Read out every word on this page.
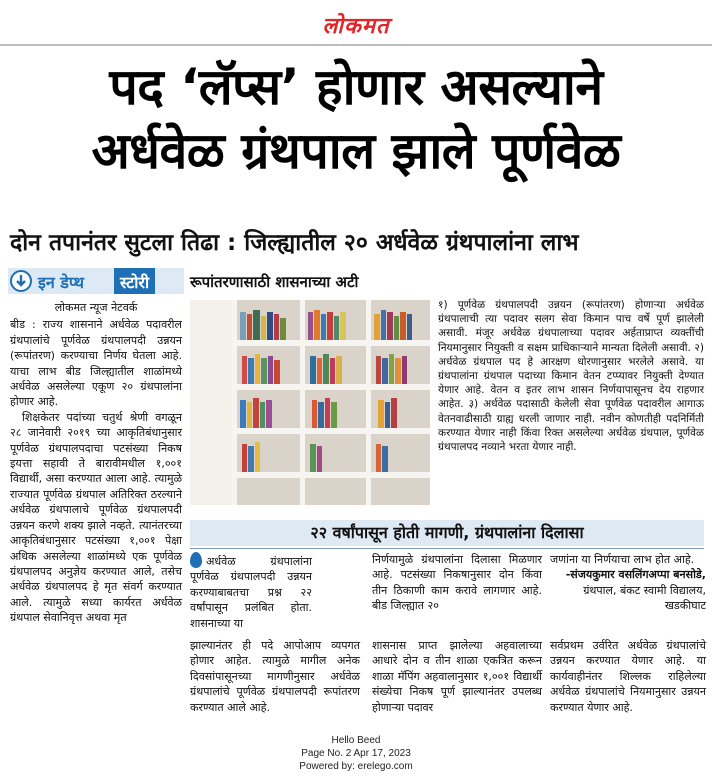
लोकमत
पद ‘लॅप्स’ होणार असल्याने
अर्धवेळ ग्रंथपाल झाले पूर्णवेळ
दोन तपानंतर सुटला तिढा : जिल्ह्यातील २० अर्धवेळ ग्रंथपालांना लाभ
इन डेप्थ	स्टोरी
लोकमत न्यूज नेटवर्क

बीड : राज्य शासनाने अर्धवेळ पदावरील ग्रंथपालांचे पूर्णवेळ ग्रंथपालपदी उन्नयन (रूपांतरण) करण्याचा निर्णय घेतला आहे. याचा लाभ बीड जिल्ह्यातील शाळांमध्ये अर्धवेळ असलेल्या एकूण २० ग्रंथपालांना होणार आहे.

शिक्षकेतर पदांच्या चतुर्थ श्रेणी वगळून २८ जानेवारी २०१९ च्या आकृतिबंधानुसार पूर्णवेळ ग्रंथपालपदाचा पटसंख्या निकष इयत्ता सहावी ते बारावीमधील १,००१ विद्यार्थी, असा करण्यात आला आहे. त्यामुळे राज्यात पूर्णवेळ ग्रंथपाल अतिरिक्त ठरल्याने अर्धवेळ ग्रंथपालाचे पूर्णवेळ ग्रंथपालपदी उन्नयन करणे शक्य झाले नव्हते. त्यानंतरच्या आकृतिबंधानुसार पटसंख्या १,००१ पेक्षा अधिक असलेल्या शाळांमध्ये एक पूर्णवेळ ग्रंथपालपद अनुज्ञेय करण्यात आले, तसेच अर्धवेळ ग्रंथपालपद हे मृत संवर्ग करण्यात आले. त्यामुळे सध्या कार्यरत अर्धवेळ ग्रंथपाल सेवानिवृत्त अथवा मृत

रूपांतरणासाठी शासनाच्या अटी
१) पूर्णवेळ ग्रंथपालपदी उन्नयन (रूपांतरण) होणाऱ्या अर्धवेळ ग्रंथपालाची त्या पदावर सलग सेवा किमान पाच वर्षे पूर्ण झालेली असावी. मंजूर अर्धवेळ ग्रंथपालाच्या पदावर अर्हताप्राप्त व्यक्तींची नियमानुसार नियुक्ती व सक्षम प्राधिकाऱ्याने मान्यता दिलेली असावी. २) अर्धवेळ ग्रंथपाल पद हे आरक्षण धोरणानुसार भरलेले असावे. या ग्रंथपालांना ग्रंथपाल पदाच्या किमान वेतन टप्प्यावर नियुक्ती देण्यात येणार आहे. वेतन व इतर लाभ शासन निर्णयापासूनच देय राहणार आहेत. ३) अर्धवेळ पदासाठी केलेली सेवा पूर्णवेळ पदावरील आगाऊ वेतनवाढीसाठी ग्राह्य धरली जाणार नाही. नवीन कोणतीही पदनिर्मिती करण्यात येणार नाही किंवा रिक्त असलेल्या अर्धवेळ ग्रंथपाल, पूर्णवेळ ग्रंथपालपद नव्याने भरता येणार नाही.
२२ वर्षांपासून होती मागणी, ग्रंथपालांना दिलासा
अर्धवेळ ग्रंथपालांना पूर्णवेळ ग्रंथपालपदी उन्नयन करण्याबाबतचा प्रश्न २२ वर्षांपासून प्रलंबित होता. शासनाच्या या
निर्णयामुळे ग्रंथपालांना दिलासा मिळणार आहे. पटसंख्या निकषानुसार दोन किंवा तीन ठिकाणी काम करावे लागणार आहे. बीड जिल्ह्यात २०
जणांना या निर्णयाचा लाभ होत आहे.
-संजयकुमार वसलिंगअप्पा बनसोडे,
ग्रंथपाल, बंकट स्वामी विद्यालय,
खडकीघाट
झाल्यानंतर ही पदे आपोआप व्यपगत होणार आहेत. त्यामुळे मागील अनेक दिवसांपासूनच्या मागणीनुसार अर्धवेळ ग्रंथपालांचे पूर्णवेळ ग्रंथपालपदी रूपांतरण करण्यात आले आहे.
शासनास प्राप्त झालेल्या अहवालाच्या आधारे दोन व तीन शाळा एकत्रित करून शाळा मॅपिंग अहवालानुसार १,००१ विद्यार्थी संख्येचा निकष पूर्ण झाल्यानंतर उपलब्ध होणाऱ्या पदावर
सर्वप्रथम उर्वरित अर्धवेळ ग्रंथपालांचे उन्नयन करण्यात येणार आहे. या कार्यवाहीनंतर शिल्लक राहिलेल्या अर्धवेळ ग्रंथपालांचे नियमानुसार उन्नयन करण्यात येणार आहे.
Hello Beed
Page No. 2 Apr 17, 2023
Powered by: erelego.com
